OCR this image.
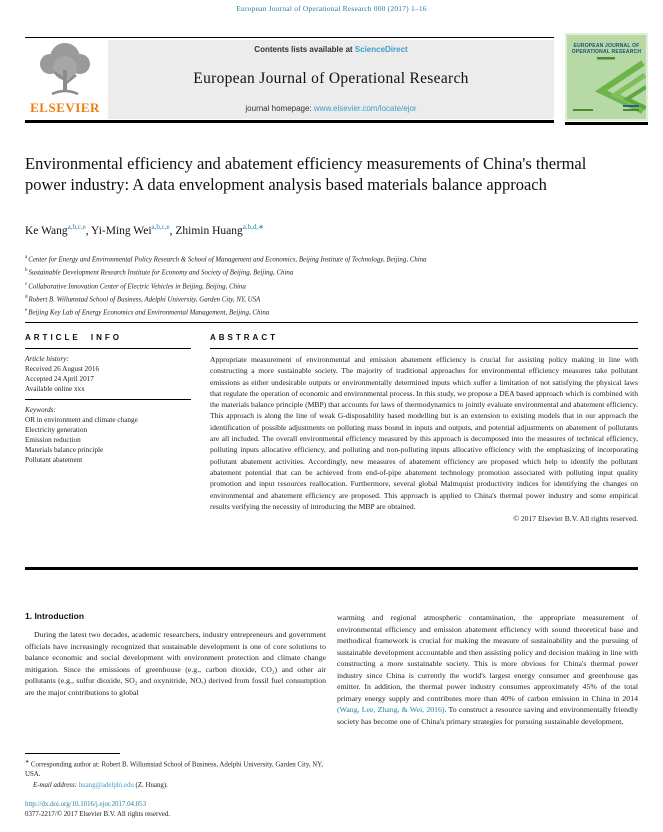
European Journal of Operational Research 000 (2017) 1–16
ELSEVIER
Contents lists available at ScienceDirect
European Journal of Operational Research
journal homepage: www.elsevier.com/locate/ejor
EUROPEAN JOURNAL OF OPERATIONAL RESEARCH
Environmental efficiency and abatement efficiency measurements of China's thermal power industry: A data envelopment analysis based materials balance approach
Ke Wang$^{a,b,c,e}$, Yi-Ming Wei$^{a,b,c,e}$, Zhimin Huang$^{a,b,d,∗}$
$^a$Center for Energy and Environmental Policy Research & School of Management and Economics, Beijing Institute of Technology, Beijing, China
$^b$Sustainable Development Research Institute for Economy and Society of Beijing, Beijing, China
$^c$Collaborative Innovation Center of Electric Vehicles in Beijing, Beijing, China
$^d$Robert B. Willumstad School of Business, Adelphi University, Garden City, NY, USA
$^e$Beijing Key Lab of Energy Economics and Environmental Management, Beijing, China
ARTICLE INFO
Article history:
Received 26 August 2016
Accepted 24 April 2017
Available online xxx
Keywords:
OR in environment and climate change
Electricity generation
Emission reduction
Materials balance principle
Pollutant abatement
ABSTRACT
Appropriate measurement of environmental and emission abatement efficiency is crucial for assisting policy making in line with constructing a more sustainable society. The majority of traditional approaches for environmental efficiency measures take pollutant emissions as either undesirable outputs or environmentally determined inputs which suffer a limitation of not satisfying the physical laws that regulate the operation of economic and environmental process. In this study, we propose a DEA based approach which is combined with the materials balance principle (MBP) that accounts for laws of thermodynamics to jointly evaluate environmental and abatement efficiency. This approach is along the line of weak G-disposability based modelling but is an extension to existing models that in our approach the identification of possible adjustments on polluting mass bound in inputs and outputs, and potential adjustments on abatement of pollutants are all included. The overall environmental efficiency measured by this approach is decomposed into the measures of technical efficiency, polluting inputs allocative efficiency, and polluting and non-polluting inputs allocative efficiency with the emphasizing of incorporating pollutant abatement activities. Accordingly, new measures of abatement efficiency are proposed which help to identify the pollutant abatement potential that can be achieved from end-of-pipe abatement technology promotion associated with polluting input quality promotion and input resources reallocation. Furthermore, several global Malmquist productivity indices for identifying the changes on environmental and abatement efficiency are proposed. This approach is applied to China's thermal power industry and some empirical results verifying the necessity of introducing the MBP are obtained.
© 2017 Elsevier B.V. All rights reserved.
1. Introduction
During the latest two decades, academic researchers, industry entrepreneurs and government officials have increasingly recognized that sustainable development is one of core solutions to balance economic and social development with environment protection and climate change mitigation. Since the emissions of greenhouse (e.g., carbon dioxide, CO₂) and other air pollutants (e.g., sulfur dioxide, SO₂ and oxynitride, NOₓ) derived from fossil fuel consumption are the major contributions to global
warming and regional atmospheric contamination, the appropriate measurement of environmental efficiency and emission abatement efficiency with sound theoretical base and methodical framework is crucial for making the measure of sustainability and the pursuing of sustainable development accountable and then assisting policy and decision making in line with constructing a more sustainable society. This is more obvious for China's thermal power industry since China is currently the world's largest energy consumer and greenhouse gas emitter. In addition, the thermal power industry consumes approximately 45% of the total primary energy supply and contributes more than 40% of carbon emission in China in 2014 (Wang, Lee, Zhang, & Wei, 2016). To construct a resource saving and environmentally friendly society has become one of China's primary strategies for pursuing sustainable development,
∗ Corresponding author at: Robert B. Willumstad School of Business, Adelphi University, Garden City, NY, USA.
E-mail address: huang@adelphi.edu (Z. Huang).
http://dx.doi.org/10.1016/j.ejor.2017.04.053
0377-2217/© 2017 Elsevier B.V. All rights reserved.
